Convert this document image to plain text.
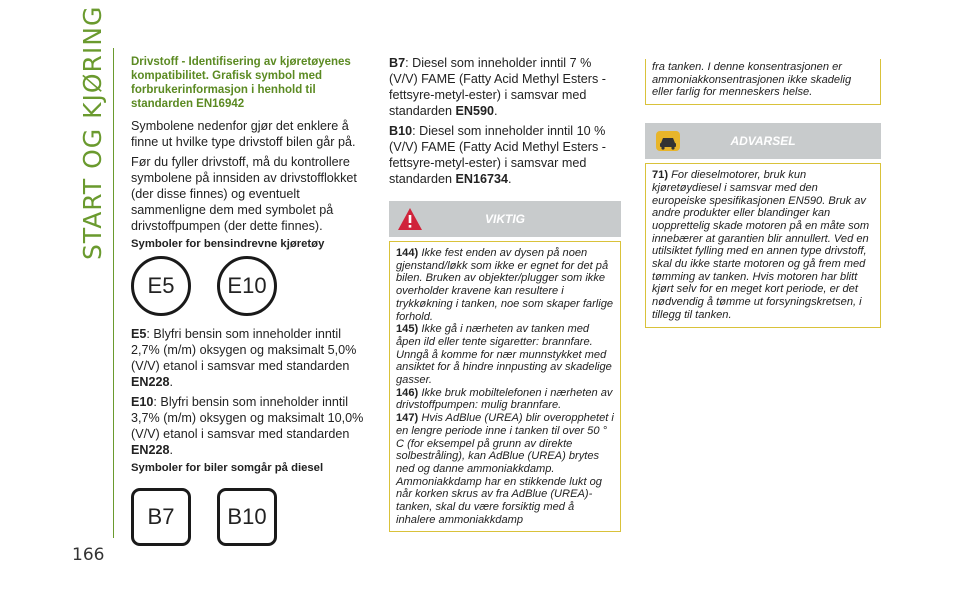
START OG KJØRING
166
Drivstoff - Identifisering av kjøretøyenes kompatibilitet. Grafisk symbol med forbrukerinformasjon i henhold til standarden EN16942

Symbolene nedenfor gjør det enklere å finne ut hvilke type drivstoff bilen går på.

Før du fyller drivstoff, må du kontrollere symbolene på innsiden av drivstofflokket (der disse finnes) og eventuelt sammenligne dem med symbolet på drivstoffpumpen (der dette finnes).

Symboler for bensindrevne kjøretøy
E5	E10

E5: Blyfri bensin som inneholder inntil 2,7% (m/m) oksygen og maksimalt 5,0% (V/V) etanol i samsvar med standarden EN228.

E10: Blyfri bensin som inneholder inntil 3,7% (m/m) oksygen og maksimalt 10,0% (V/V) etanol i samsvar med standarden EN228.

Symboler for biler somgår på diesel
B7	B10

B7: Diesel som inneholder inntil 7 % (V/V) FAME (Fatty Acid Methyl Esters - fettsyre-metyl-ester) i samsvar med standarden EN590.

B10: Diesel som inneholder inntil 10 % (V/V) FAME (Fatty Acid Methyl Esters - fettsyre-metyl-ester) i samsvar med standarden EN16734.

VIKTIG
144) Ikke fest enden av dysen på noen gjenstand/løkk som ikke er egnet for det på bilen. Bruken av objekter/plugger som ikke overholder kravene kan resultere i trykkøkning i tanken, noe som skaper farlige forhold.
145) Ikke gå i nærheten av tanken med åpen ild eller tente sigaretter: brannfare. Unngå å komme for nær munnstykket med ansiktet for å hindre innpusting av skadelige gasser.
146) Ikke bruk mobiltelefonen i nærheten av drivstoffpumpen: mulig brannfare.
147) Hvis AdBlue (UREA) blir overopphetet i en lengre periode inne i tanken til over 50 ° C (for eksempel på grunn av direkte solbestråling), kan AdBlue (UREA) brytes ned og danne ammoniakkdamp. Ammoniakkdamp har en stikkende lukt og når korken skrus av fra AdBlue (UREA)-tanken, skal du være forsiktig med å inhalere ammoniakkdamp
fra tanken. I denne konsentrasjonen er ammoniakkonsentrasjonen ikke skadelig eller farlig for menneskers helse.
ADVARSEL
71) For dieselmotorer, bruk kun kjøretøydiesel i samsvar med den europeiske spesifikasjonen EN590. Bruk av andre produkter eller blandinger kan uopprettelig skade motoren på en måte som innebærer at garantien blir annullert. Ved en utilsiktet fylling med en annen type drivstoff, skal du ikke starte motoren og gå frem med tømming av tanken. Hvis motoren har blitt kjørt selv for en meget kort periode, er det nødvendig å tømme ut forsyningskretsen, i tillegg til tanken.
